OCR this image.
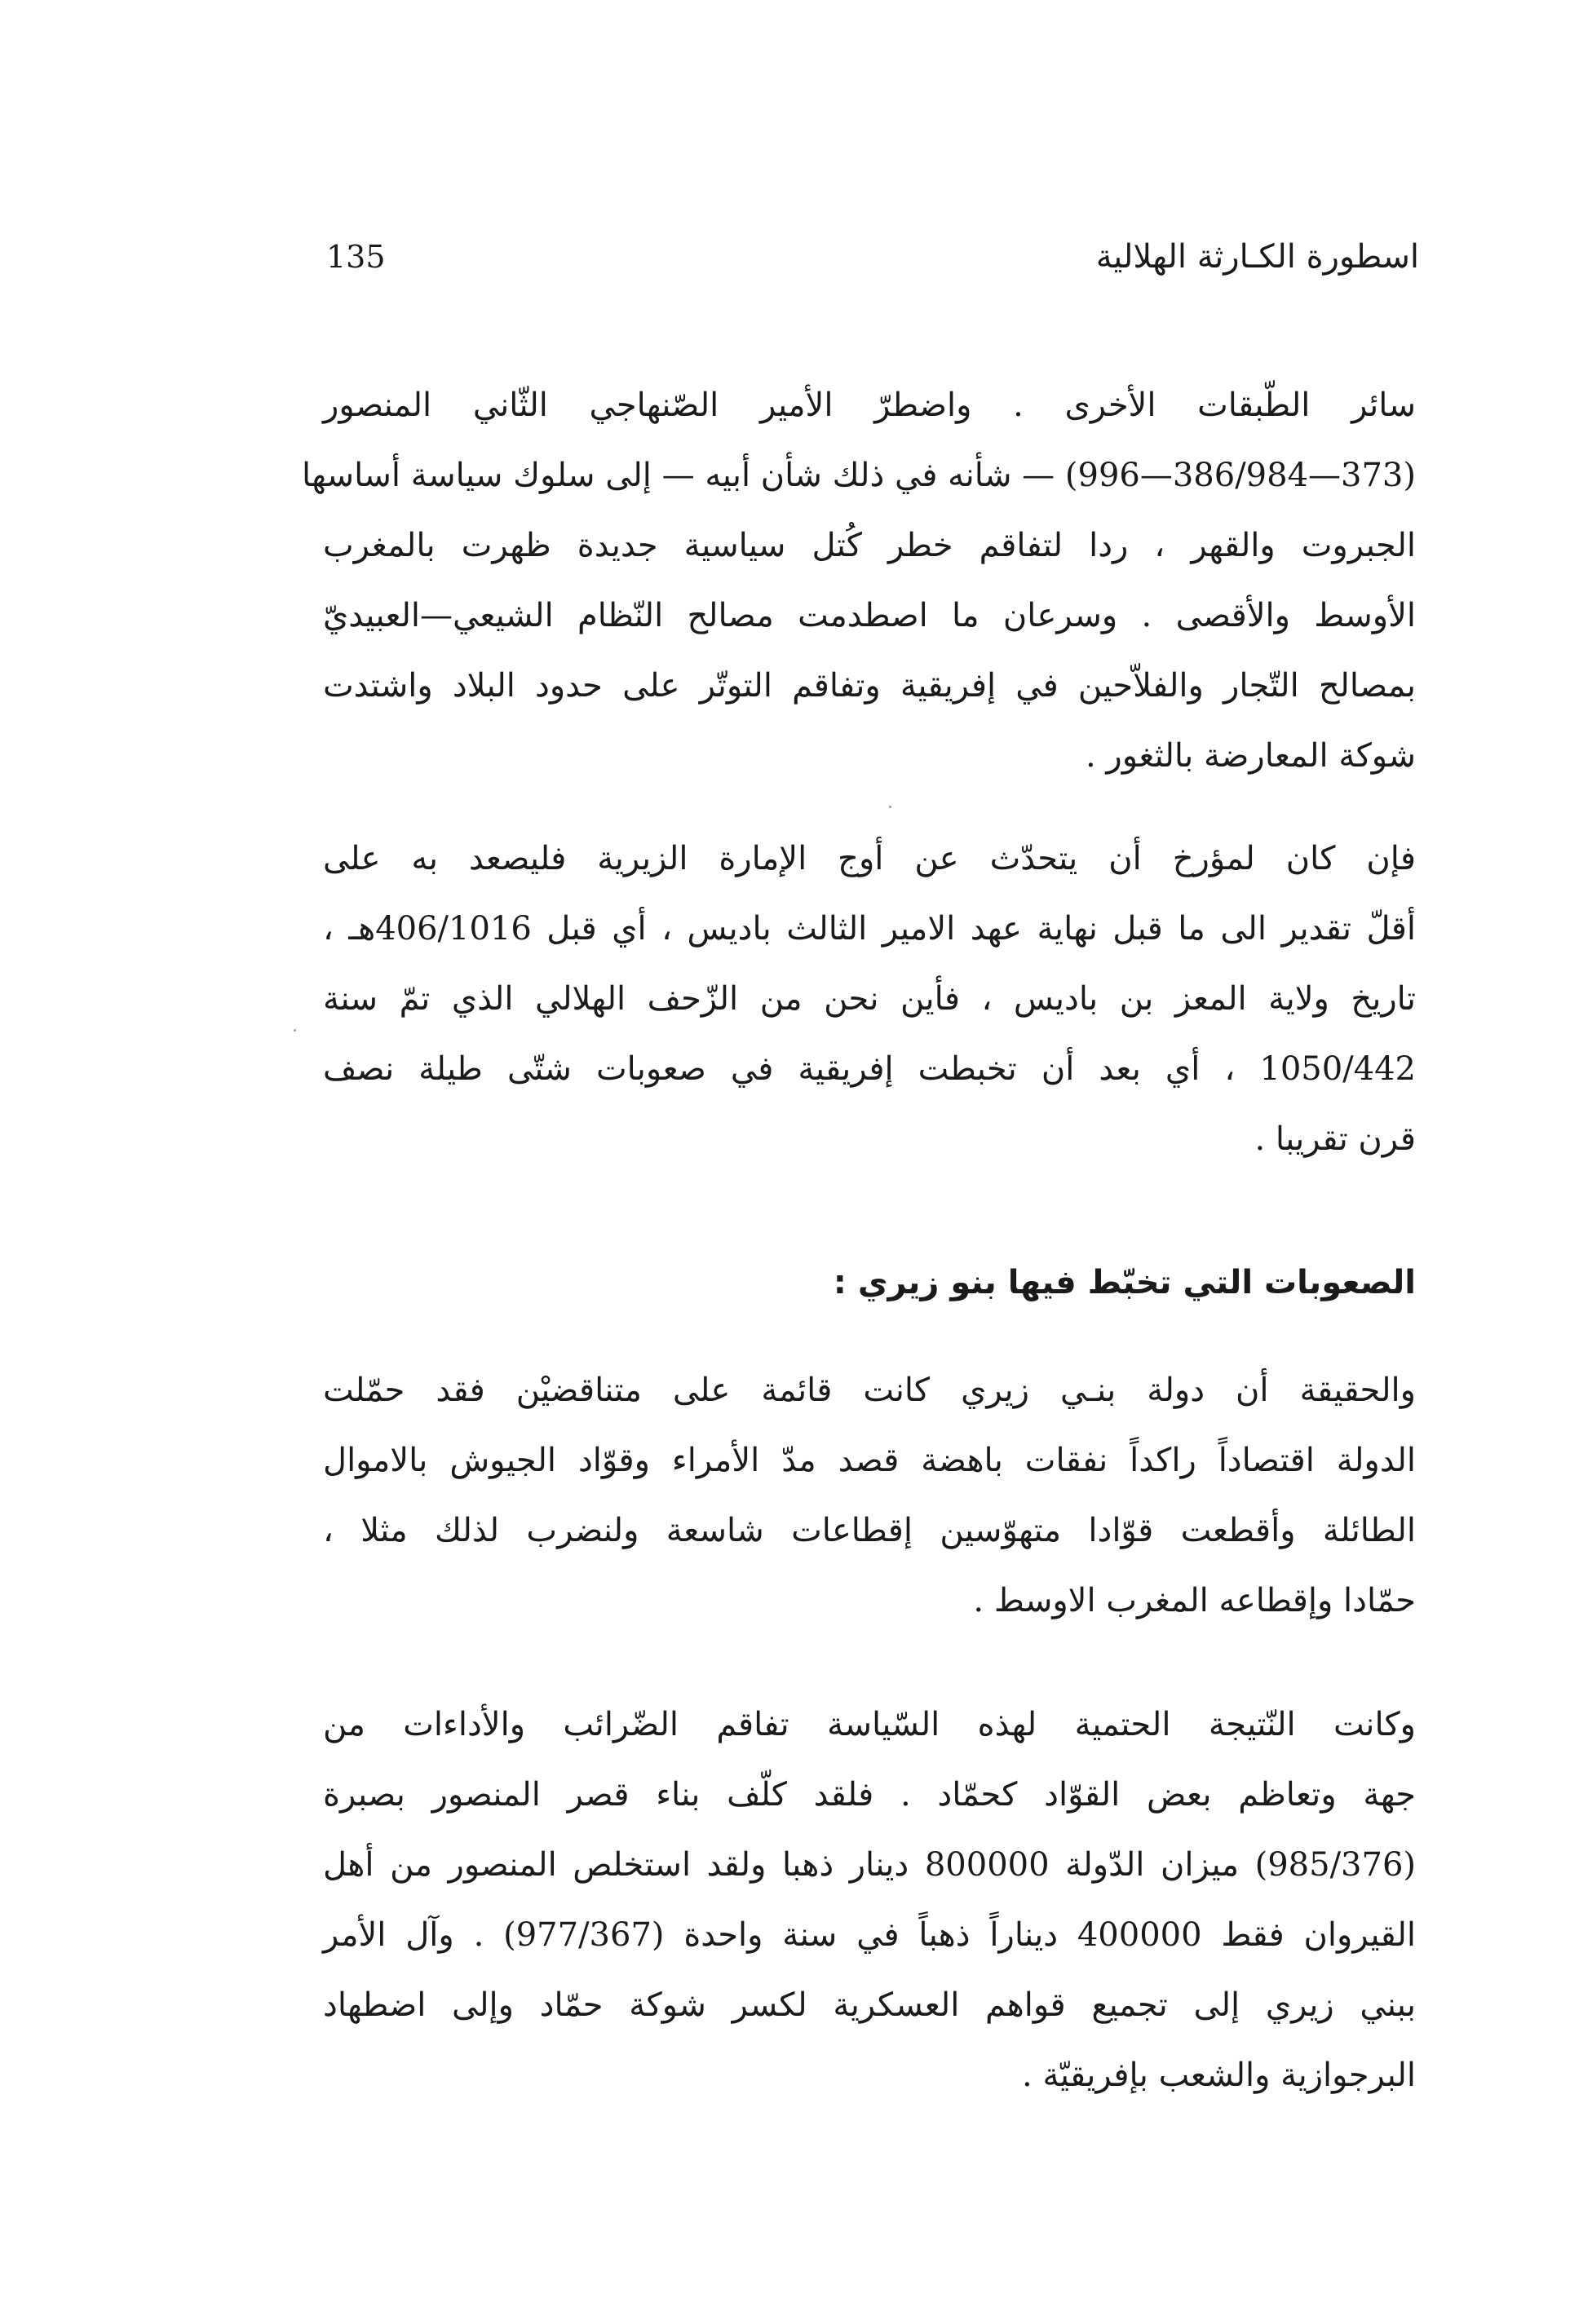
اسطورة الكـارثة الهلالية
135
سائر الطّبقات الأخرى . واضطرّ الأمير الصّنهاجي الثّاني المنصور
(373—386/984—996) — شأنه في ذلك شأن أبيه — إلى سلوك سياسة أساسها
الجبروت والقهر ، ردا لتفاقم خطر كُتل سياسية جديدة ظهرت بالمغرب
الأوسط والأقصى . وسرعان ما اصطدمت مصالح النّظام الشيعي—العبيديّ
بمصالح التّجار والفلاّحين في إفريقية وتفاقم التوتّر على حدود البلاد واشتدت
شوكة المعارضة بالثغور .
فإن كان لمؤرخ أن يتحدّث عن أوج الإمارة الزيرية فليصعد به على
أقلّ تقدير الى ما قبل نهاية عهد الامير الثالث باديس ، أي قبل 406/1016هـ ،
تاريخ ولاية المعز بن باديس ، فأين نحن من الزّحف الهلالي الذي تمّ سنة
1050/442 ، أي بعد أن تخبطت إفريقية في صعوبات شتّى طيلة نصف
قرن تقريبا .
الصعوبات التي تخبّط فيها بنو زيري :
والحقيقة أن دولة بنـي زيري كانت قائمة على متناقضيْن فقد حمّلت
الدولة اقتصاداً راكداً نفقات باهضة قصد مدّ الأمراء وقوّاد الجيوش بالاموال
الطائلة وأقطعت قوّادا متهوّسين إقطاعات شاسعة ولنضرب لذلك مثلا ،
حمّادا وإقطاعه المغرب الاوسط .
وكانت النّتيجة الحتمية لهذه السّياسة تفاقم الضّرائب والأداءات من
جهة وتعاظم بعض القوّاد كحمّاد . فلقد كلّف بناء قصر المنصور بصبرة
(985/376) ميزان الدّولة 800000 دينار ذهبا ولقد استخلص المنصور من أهل
القيروان فقط 400000 ديناراً ذهباً في سنة واحدة (977/367) . وآل الأمر
ببني زيري إلى تجميع قواهم العسكرية لكسر شوكة حمّاد وإلى اضطهاد
البرجوازية والشعب بإفريقيّة .
